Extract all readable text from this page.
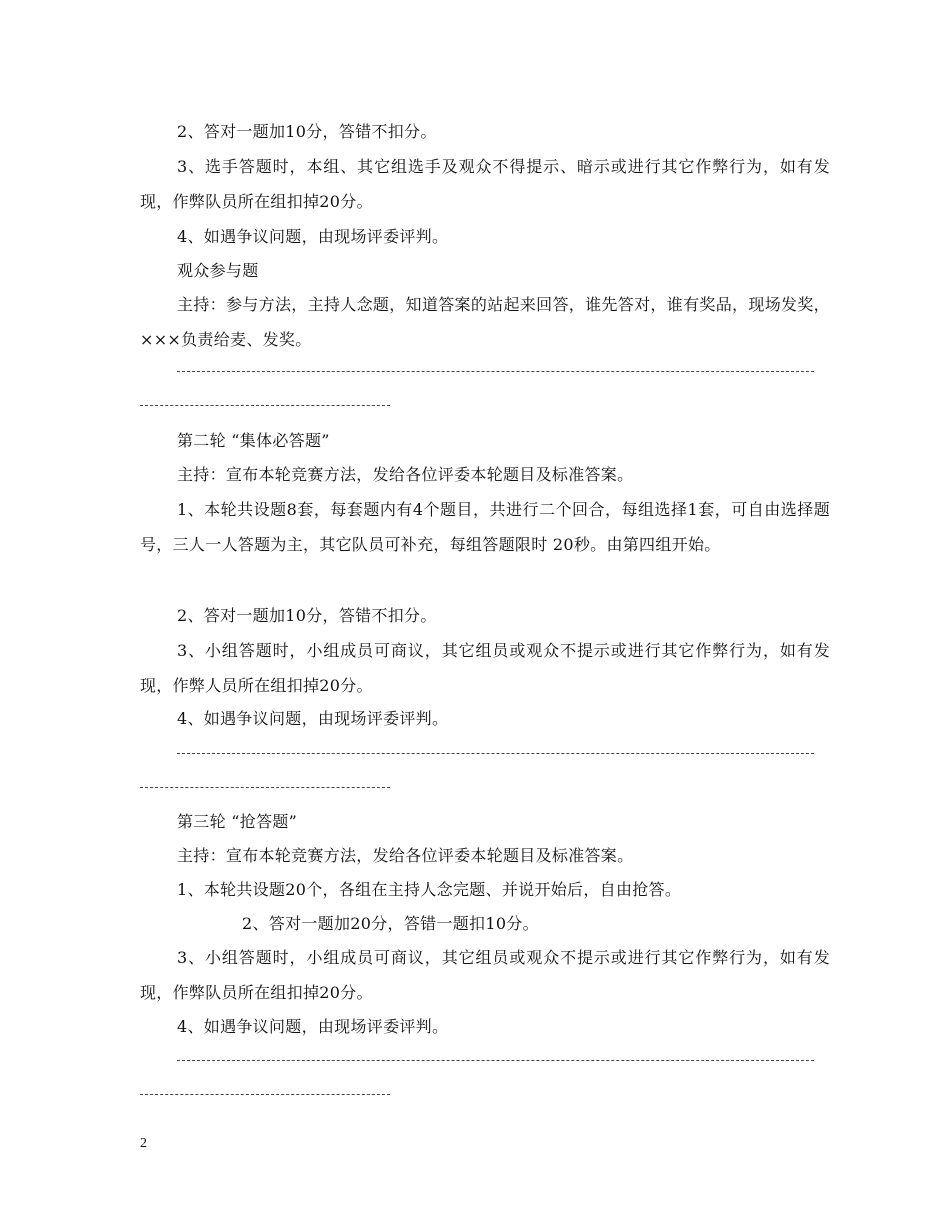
2、答对一题加10分，答错不扣分。
3、选手答题时，本组、其它组选手及观众不得提示、暗示或进行其它作弊行为，如有发现，作弊队员所在组扣掉20分。
4、如遇争议问题，由现场评委评判。
观众参与题
主持：参与方法，主持人念题，知道答案的站起来回答，谁先答对，谁有奖品，现场发奖，×××负责给麦、发奖。
第二轮 “集体必答题”
主持：宣布本轮竞赛方法，发给各位评委本轮题目及标准答案。
1、本轮共设题8套，每套题内有4个题目，共进行二个回合，每组选择1套，可自由选择题号，三人一人答题为主，其它队员可补充，每组答题限时 20秒。由第四组开始。
2、答对一题加10分，答错不扣分。
3、小组答题时，小组成员可商议，其它组员或观众不提示或进行其它作弊行为，如有发现，作弊人员所在组扣掉20分。
4、如遇争议问题，由现场评委评判。
第三轮 “抢答题”
主持：宣布本轮竞赛方法，发给各位评委本轮题目及标准答案。
1、本轮共设题20个，各组在主持人念完题、并说开始后，自由抢答。
2、答对一题加20分，答错一题扣10分。
3、小组答题时，小组成员可商议，其它组员或观众不提示或进行其它作弊行为，如有发现，作弊队员所在组扣掉20分。
4、如遇争议问题，由现场评委评判。
2
